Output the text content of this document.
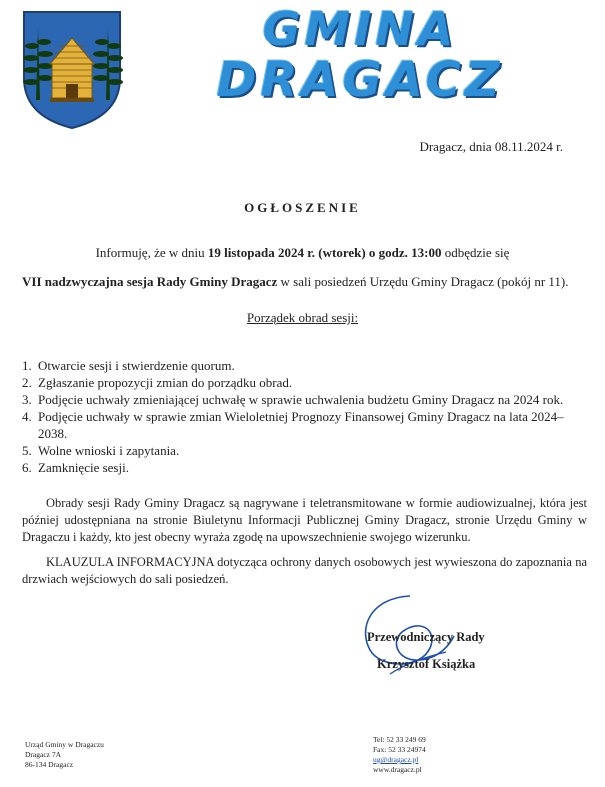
GMINA
DRAGACZ
Dragacz, dnia 08.11.2024 r.
OGŁOSZENIE
Informuję, że w dniu 19 listopada 2024 r. (wtorek) o godz. 13:00 odbędzie się
VII nadzwyczajna sesja Rady Gminy Dragacz w sali posiedzeń Urzędu Gminy Dragacz (pokój nr 11).
Porządek obrad sesji:
1. Otwarcie sesji i stwierdzenie quorum.
2. Zgłaszanie propozycji zmian do porządku obrad.
3. Podjęcie uchwały zmieniającej uchwałę w sprawie uchwalenia budżetu Gminy Dragacz na 2024 rok.
4. Podjęcie uchwały w sprawie zmian Wieloletniej Prognozy Finansowej Gminy Dragacz na lata 2024–2038.
5. Wolne wnioski i zapytania.
6. Zamknięcie sesji.
Obrady sesji Rady Gminy Dragacz są nagrywane i teletransmitowane w formie audiowizualnej, która jest później udostępniana na stronie Biuletynu Informacji Publicznej Gminy Dragacz, stronie Urzędu Gminy w Dragaczu i każdy, kto jest obecny wyraża zgodę na upowszechnienie swojego wizerunku.
KLAUZULA INFORMACYJNA dotycząca ochrony danych osobowych jest wywieszona do zapoznania na drzwiach wejściowych do sali posiedzeń.
Przewodniczący Rady
Krzysztof Książka
Urząd Gminy w Dragaczu
Dragacz 7A
86-134 Dragacz
Tel: 52 33 249 69
Fax: 52 33 24974
ug@dragacz.pl
www.dragacz.pl
